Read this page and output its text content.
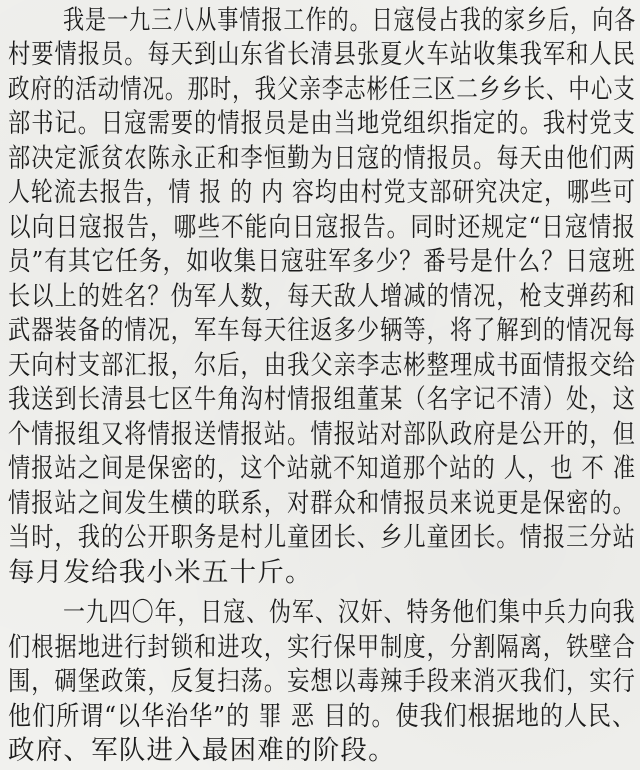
我是一九三八从事情报工作的。日寇侵占我的家乡后，向各
村要情报员。每天到山东省长清县张夏火车站收集我军和人民
政府的活动情况。那时，我父亲李志彬任三区二乡乡长、中心支
部书记。日寇需要的情报员是由当地党组织指定的。我村党支
部决定派贫农陈永正和李恒勤为日寇的情报员。每天由他们两
人轮流去报告，情 报 的 内 容均由村党支部研究决定，哪些可
以向日寇报告，哪些不能向日寇报告。同时还规定“日寇情报
员”有其它任务，如收集日寇驻军多少？番号是什么？日寇班
长以上的姓名？伪军人数，每天敌人增减的情况，枪支弹药和
武器装备的情况，军车每天往返多少辆等，将了解到的情况每
天向村支部汇报，尔后，由我父亲李志彬整理成书面情报交给
我送到长清县七区牛角沟村情报组董某（名字记不清）处，这
个情报组又将情报送情报站。情报站对部队政府是公开的，但
情报站之间是保密的，这个站就不知道那个站的 人，也 不 准
情报站之间发生横的联系，对群众和情报员来说更是保密的。
当时，我的公开职务是村儿童团长、乡儿童团长。情报三分站
每月发给我小米五十斤。
一九四〇年，日寇、伪军、汉奸、特务他们集中兵力向我
们根据地进行封锁和进攻，实行保甲制度，分割隔离，铁壁合
围，碉堡政策，反复扫荡。妄想以毒辣手段来消灭我们，实行
他们所谓“以华治华”的 罪 恶 目的。使我们根据地的人民、
政府、军队进入最困难的阶段。
